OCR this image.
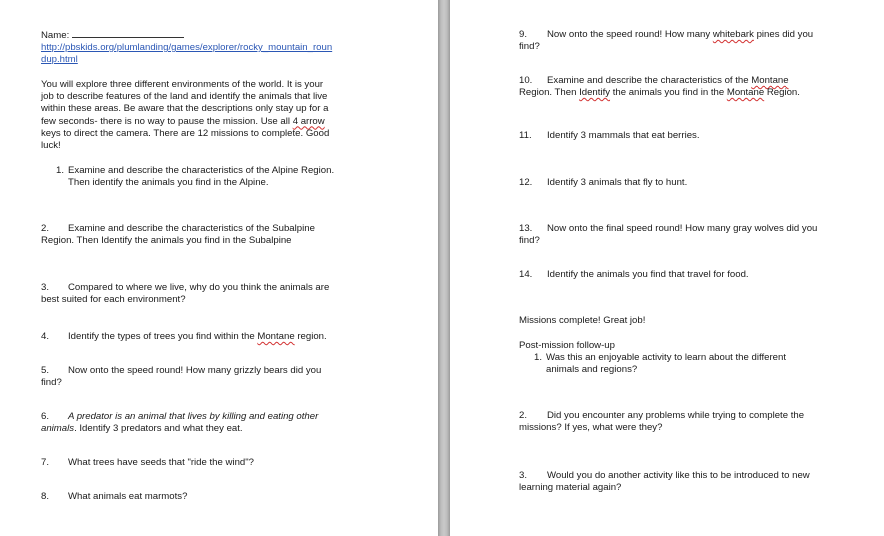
Name:
http://pbskids.org/plumlanding/games/explorer/rocky_mountain_roun
dup.html
You will explore three different environments of the world. It is your
job to describe features of the land and identify the animals that live
within these areas. Be aware that the descriptions only stay up for a
few seconds- there is no way to pause the mission. Use all 4 arrow
keys to direct the camera. There are 12 missions to complete. Good
luck!
1. Examine and describe the characteristics of the Alpine Region.
Then identify the animals you find in the Alpine.
2. Examine and describe the characteristics of the Subalpine
Region. Then Identify the animals you find in the Subalpine
3. Compared to where we live, why do you think the animals are
best suited for each environment?
4. Identify the types of trees you find within the Montane region.
5. Now onto the speed round! How many grizzly bears did you
find?
6. A predator is an animal that lives by killing and eating other
animals. Identify 3 predators and what they eat.
7. What trees have seeds that "ride the wind"?
8. What animals eat marmots?
9. Now onto the speed round! How many whitebark pines did you
find?
10. Examine and describe the characteristics of the Montane
Region. Then Identify the animals you find in the Montane Region.
11. Identify 3 mammals that eat berries.
12. Identify 3 animals that fly to hunt.
13. Now onto the final speed round! How many gray wolves did you
find?
14. Identify the animals you find that travel for food.
Missions complete! Great job!
Post-mission follow-up
1. Was this an enjoyable activity to learn about the different
animals and regions?
2. Did you encounter any problems while trying to complete the
missions? If yes, what were they?
3. Would you do another activity like this to be introduced to new
learning material again?
